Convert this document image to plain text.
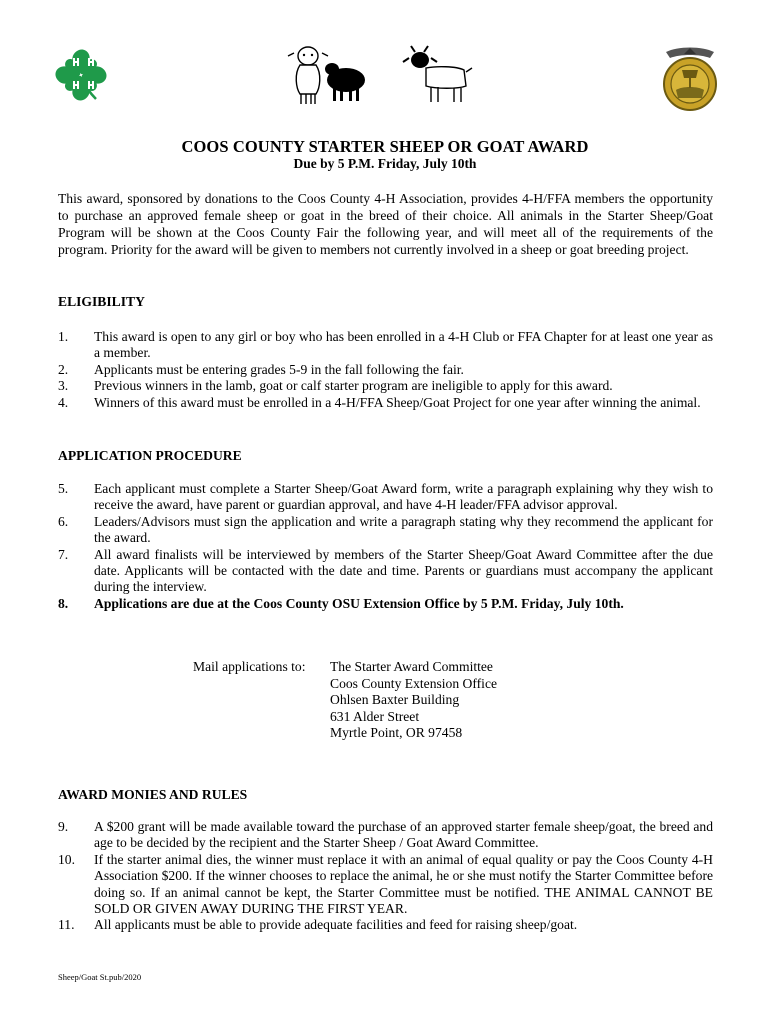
COOS COUNTY STARTER SHEEP OR GOAT AWARD
Due by 5 P.M. Friday, July 10th
This award, sponsored by donations to the Coos County 4-H Association, provides 4-H/FFA members the opportunity to purchase an approved female sheep or goat in the breed of their choice. All animals in the Starter Sheep/Goat Program will be shown at the Coos County Fair the following year, and will meet all of the requirements of the program. Priority for the award will be given to members not currently involved in a sheep or goat breeding project.
ELIGIBILITY
1.	This award is open to any girl or boy who has been enrolled in a 4-H Club or FFA Chapter for at least one year as a member.
2.	Applicants must be entering grades 5-9 in the fall following the fair.
3.	Previous winners in the lamb, goat or calf starter program are ineligible to apply for this award.
4.	Winners of this award must be enrolled in a 4-H/FFA Sheep/Goat Project for one year after winning the animal.
APPLICATION PROCEDURE
5.	Each applicant must complete a Starter Sheep/Goat Award form, write a paragraph explaining why they wish to receive the award, have parent or guardian approval, and have 4-H leader/FFA advisor approval.
6.	Leaders/Advisors must sign the application and write a paragraph stating why they recommend the applicant for the award.
7.	All award finalists will be interviewed by members of the Starter Sheep/Goat Award Committee after the due date. Applicants will be contacted with the date and time. Parents or guardians must accompany the applicant during the interview.
8.	Applications are due at the Coos County OSU Extension Office by 5 P.M. Friday, July 10th.
Mail applications to:	The Starter Award Committee
Coos County Extension Office
Ohlsen Baxter Building
631 Alder Street
Myrtle Point, OR 97458
AWARD MONIES AND RULES
9.	A $200 grant will be made available toward the purchase of an approved starter female sheep/goat, the breed and age to be decided by the recipient and the Starter Sheep / Goat Award Committee.
10.	If the starter animal dies, the winner must replace it with an animal of equal quality or pay the Coos County 4-H Association $200. If the winner chooses to replace the animal, he or she must notify the Starter Committee before doing so. If an animal cannot be kept, the Starter Committee must be notified. THE ANIMAL CANNOT BE SOLD OR GIVEN AWAY DURING THE FIRST YEAR.
11.	All applicants must be able to provide adequate facilities and feed for raising sheep/goat.
Sheep/Goat St.pub/2020
